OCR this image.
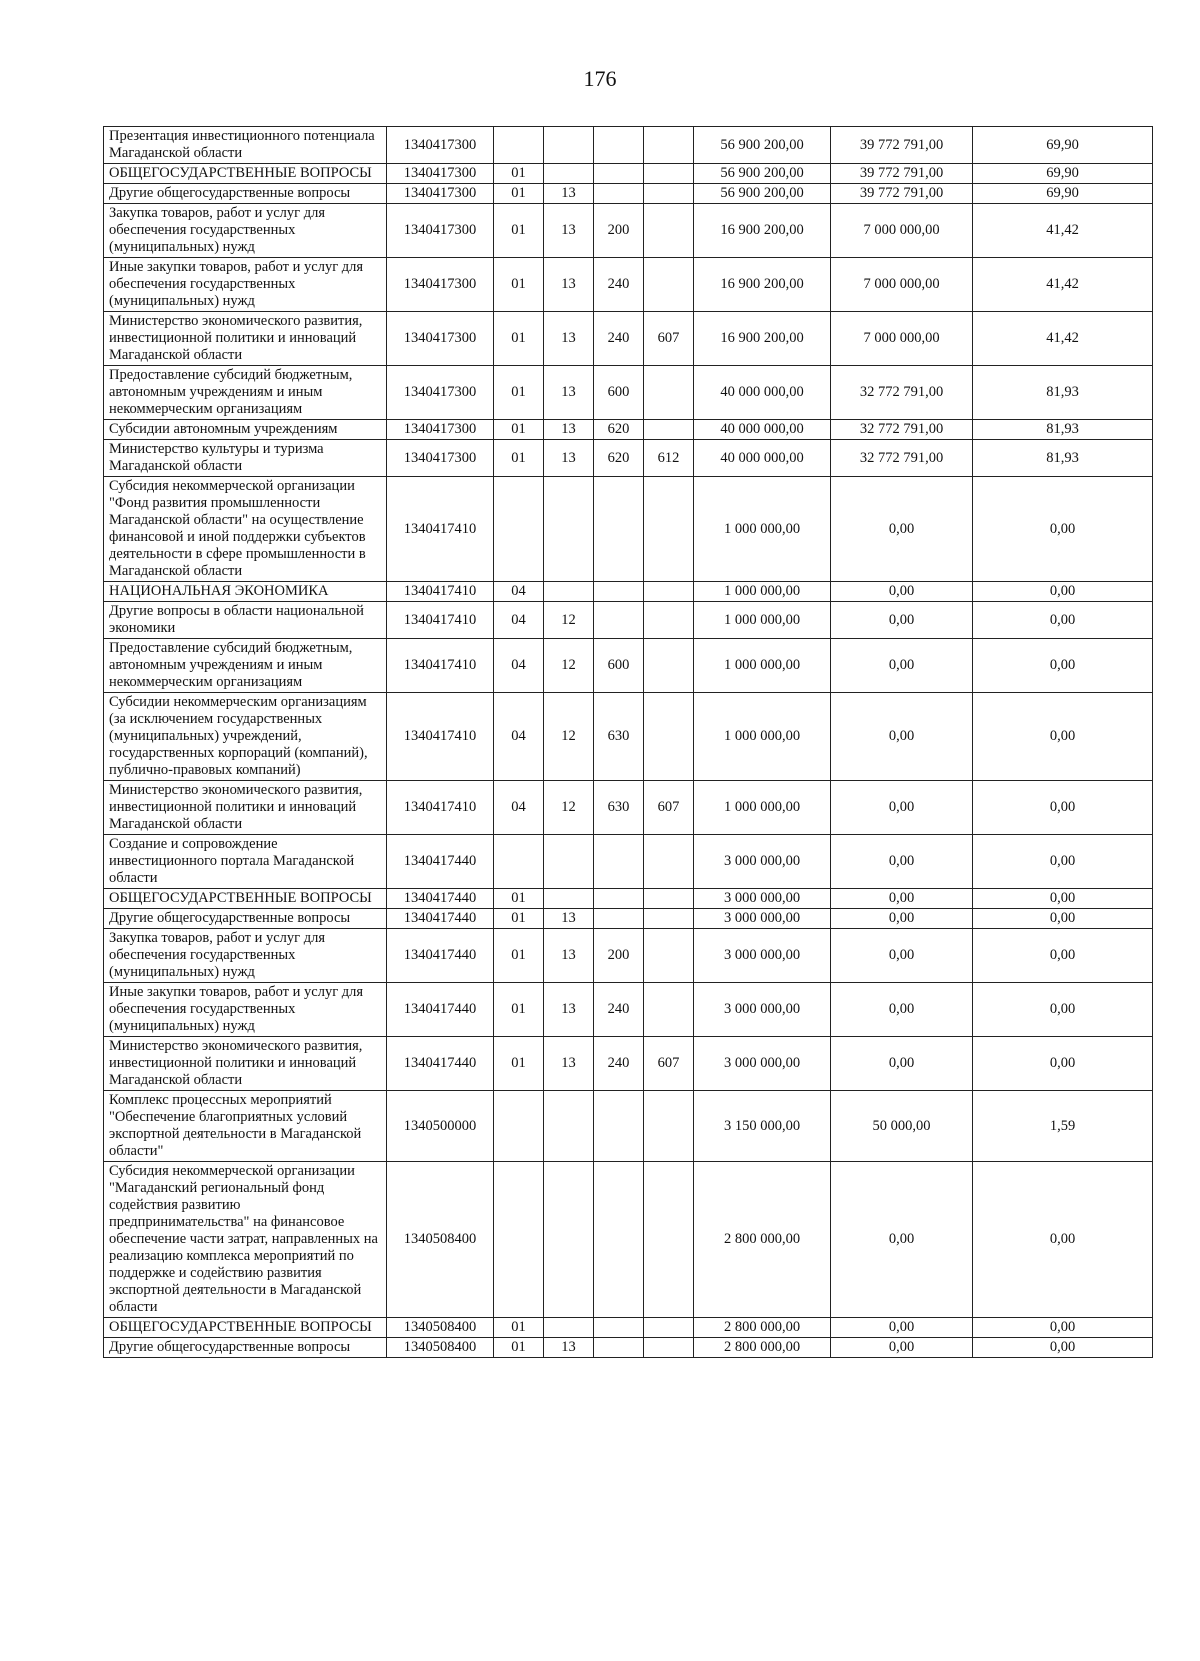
176
Презентация инвестиционного потенциала Магаданской области	1340417300					56 900 200,00	39 772 791,00	69,90
ОБЩЕГОСУДАРСТВЕННЫЕ ВОПРОСЫ	1340417300	01				56 900 200,00	39 772 791,00	69,90
Другие общегосударственные вопросы	1340417300	01	13			56 900 200,00	39 772 791,00	69,90
Закупка товаров, работ и услуг для обеспечения государственных (муниципальных) нужд	1340417300	01	13	200		16 900 200,00	7 000 000,00	41,42
Иные закупки товаров, работ и услуг для обеспечения государственных (муниципальных) нужд	1340417300	01	13	240		16 900 200,00	7 000 000,00	41,42
Министерство экономического развития, инвестиционной политики и инноваций Магаданской области	1340417300	01	13	240	607	16 900 200,00	7 000 000,00	41,42
Предоставление субсидий бюджетным, автономным учреждениям и иным некоммерческим организациям	1340417300	01	13	600		40 000 000,00	32 772 791,00	81,93
Субсидии автономным учреждениям	1340417300	01	13	620		40 000 000,00	32 772 791,00	81,93
Министерство культуры и туризма Магаданской области	1340417300	01	13	620	612	40 000 000,00	32 772 791,00	81,93
Субсидия некоммерческой организации "Фонд развития промышленности Магаданской области" на осуществление финансовой и иной поддержки субъектов деятельности в сфере промышленности в Магаданской области	1340417410					1 000 000,00	0,00	0,00
НАЦИОНАЛЬНАЯ ЭКОНОМИКА	1340417410	04				1 000 000,00	0,00	0,00
Другие вопросы в области национальной экономики	1340417410	04	12			1 000 000,00	0,00	0,00
Предоставление субсидий бюджетным, автономным учреждениям и иным некоммерческим организациям	1340417410	04	12	600		1 000 000,00	0,00	0,00
Субсидии некоммерческим организациям (за исключением государственных (муниципальных) учреждений, государственных корпораций (компаний), публично-правовых компаний)	1340417410	04	12	630		1 000 000,00	0,00	0,00
Министерство экономического развития, инвестиционной политики и инноваций Магаданской области	1340417410	04	12	630	607	1 000 000,00	0,00	0,00
Создание и сопровождение инвестиционного портала Магаданской области	1340417440					3 000 000,00	0,00	0,00
ОБЩЕГОСУДАРСТВЕННЫЕ ВОПРОСЫ	1340417440	01				3 000 000,00	0,00	0,00
Другие общегосударственные вопросы	1340417440	01	13			3 000 000,00	0,00	0,00
Закупка товаров, работ и услуг для обеспечения государственных (муниципальных) нужд	1340417440	01	13	200		3 000 000,00	0,00	0,00
Иные закупки товаров, работ и услуг для обеспечения государственных (муниципальных) нужд	1340417440	01	13	240		3 000 000,00	0,00	0,00
Министерство экономического развития, инвестиционной политики и инноваций Магаданской области	1340417440	01	13	240	607	3 000 000,00	0,00	0,00
Комплекс процессных мероприятий "Обеспечение благоприятных условий экспортной деятельности в Магаданской области"	1340500000					3 150 000,00	50 000,00	1,59
Субсидия некоммерческой организации "Магаданский региональный фонд содействия развитию предпринимательства" на финансовое обеспечение части затрат, направленных на реализацию комплекса мероприятий по поддержке и содействию развития экспортной деятельности в Магаданской области	1340508400					2 800 000,00	0,00	0,00
ОБЩЕГОСУДАРСТВЕННЫЕ ВОПРОСЫ	1340508400	01				2 800 000,00	0,00	0,00
Другие общегосударственные вопросы	1340508400	01	13			2 800 000,00	0,00	0,00
